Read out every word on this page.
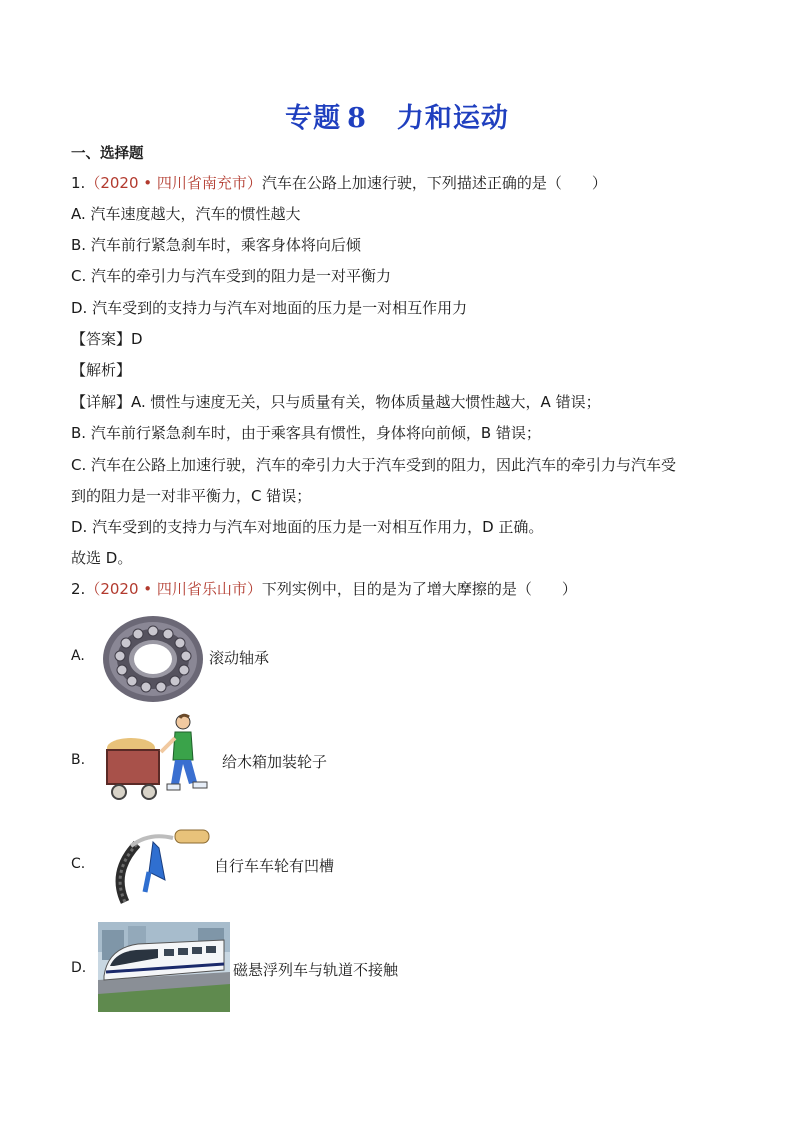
专题 8 力和运动
一、选择题
1.（2020 • 四川省南充市）汽车在公路上加速行驶，下列描述正确的是（　　）
A. 汽车速度越大，汽车的惯性越大
B. 汽车前行紧急刹车时，乘客身体将向后倾
C. 汽车的牵引力与汽车受到的阻力是一对平衡力
D. 汽车受到的支持力与汽车对地面的压力是一对相互作用力
【答案】D
【解析】
【详解】A. 惯性与速度无关，只与质量有关，物体质量越大惯性越大，A 错误；
B. 汽车前行紧急刹车时，由于乘客具有惯性，身体将向前倾，B 错误；
C. 汽车在公路上加速行驶，汽车的牵引力大于汽车受到的阻力，因此汽车的牵引力与汽车受
到的阻力是一对非平衡力，C 错误；
D. 汽车受到的支持力与汽车对地面的压力是一对相互作用力，D 正确。
故选 D。
2.（2020 • 四川省乐山市）下列实例中，目的是为了增大摩擦的是（　　）
A.	滚动轴承
B.	给木箱加装轮子
C.	自行车车轮有凹槽
D.	磁悬浮列车与轨道不接触
